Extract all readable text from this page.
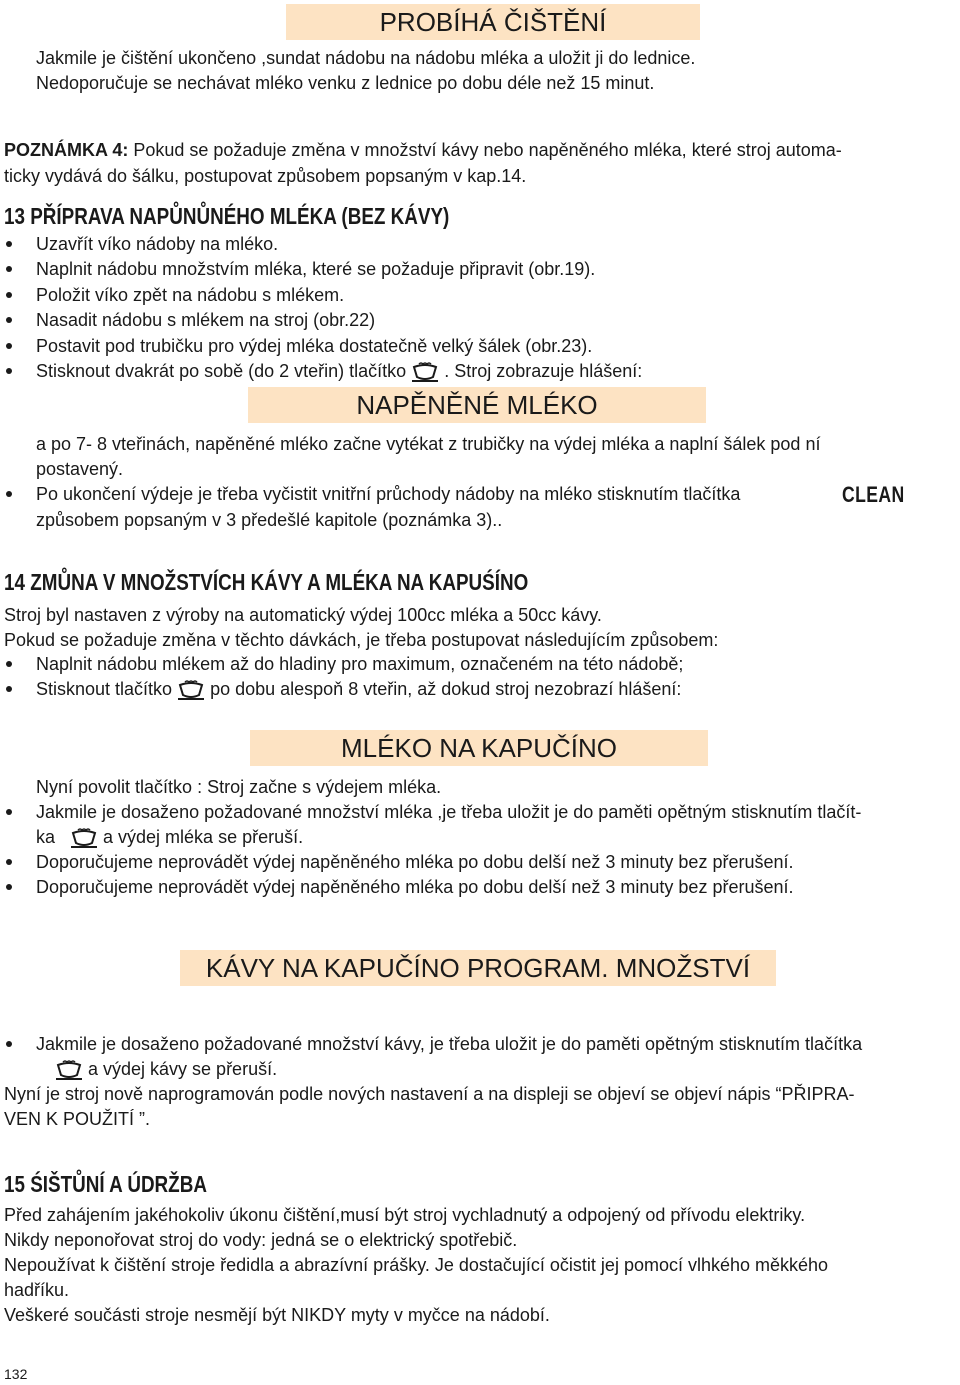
PROBÍHÁ ČIŠTĚNÍ
Jakmile je čištění ukončeno ,sundat nádobu na nádobu mléka a uložit ji do lednice.
Nedoporučuje se nechávat mléko venku z lednice po dobu déle než 15 minut.
POZNÁMKA 4: Pokud se požaduje změna v množství kávy nebo napěněného mléka, které stroj automa-
ticky vydává do šálku, postupovat způsobem popsaným v kap.14.
13 PŘÍPRAVA NAPŮNŮNÉHO MLÉKA (BEZ KÁVY)
Uzavřít víko nádoby na mléko.
Naplnit nádobu množstvím mléka, které se požaduje připravit (obr.19).
Položit víko zpět na nádobu s mlékem.
Nasadit nádobu s mlékem na stroj (obr.22)
Postavit pod trubičku pro výdej mléka dostatečně velký šálek (obr.23).
Stisknout dvakrát po sobě (do 2 vteřin) tlačítko . Stroj zobrazuje hlášení:
NAPĚNĚNÉ MLÉKO
a po 7- 8 vteřinách, napěněné mléko začne vytékat z trubičky na výdej mléka a naplní šálek pod ní
postavený.
Po ukončení výdeje je třeba vyčistit vnitřní průchody nádoby na mléko stisknutím tlačítka	CLEAN
způsobem popsaným v 3 předešlé kapitole (poznámka 3)..
14 ZMŮNA V MNOŽSTVÍCH KÁVY A MLÉKA NA KAPUŚÍNO
Stroj byl nastaven z výroby na automatický výdej 100cc mléka a 50cc kávy.
Pokud se požaduje změna v těchto dávkách, je třeba postupovat následujícím způsobem:
Naplnit nádobu mlékem až do hladiny pro maximum, označeném na této nádobě;
Stisknout tlačítko po dobu alespoň 8 vteřin, až dokud stroj nezobrazí hlášení:
MLÉKO NA KAPUČÍNO
Nyní povolit tlačítko : Stroj začne s výdejem mléka.
Jakmile je dosaženo požadované množství mléka ,je třeba uložit je do paměti opětným stisknutím tlačít-
ka	a výdej mléka se přeruší.
Doporučujeme neprovádět výdej napěněného mléka po dobu delší než 3 minuty bez přerušení.
Doporučujeme neprovádět výdej napěněného mléka po dobu delší než 3 minuty bez přerušení.
KÁVY NA KAPUČÍNO PROGRAM. MNOŽSTVÍ
Jakmile je dosaženo požadované množství kávy, je třeba uložit je do paměti opětným stisknutím tlačítka
a výdej kávy se přeruší.
Nyní je stroj nově naprogramován podle nových nastavení a na displeji se objeví se objeví nápis “PŘIPRA-
VEN K POUŽITÍ ”.
15 ŚIŠTŮNÍ A ÚDRŽBA
Před zahájením jakéhokoliv úkonu čištění,musí být stroj vychladnutý a odpojený od přívodu elektriky.
Nikdy neponořovat stroj do vody: jedná se o elektrický spotřebič.
Nepoužívat k čištění stroje ředidla a abrazívní prášky. Je dostačující očistit jej pomocí vlhkého měkkého
hadříku.
Veškeré součásti stroje nesmějí být NIKDY myty v myčce na nádobí.
132
